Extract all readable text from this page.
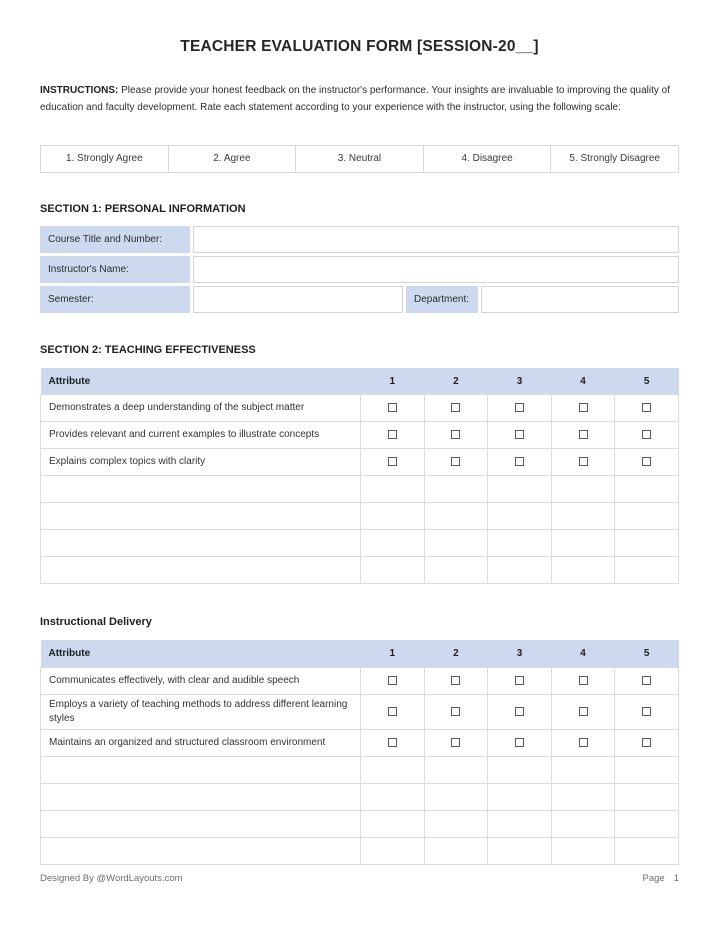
TEACHER EVALUATION FORM [SESSION-20__]

INSTRUCTIONS: Please provide your honest feedback on the instructor's performance. Your insights are invaluable to improving the quality of education and faculty development. Rate each statement according to your experience with the instructor, using the following scale:

1. Strongly Agree	2. Agree	3. Neutral	4. Disagree	5. Strongly Disagree
SECTION 1: PERSONAL INFORMATION
Course Title and Number:			
Instructor's Name:			
Semester:		Department:	
SECTION 2: TEACHING EFFECTIVENESS
Attribute	1	2	3	4	5
Demonstrates a deep understanding of the subject matter					
Provides relevant and current examples to illustrate concepts					
Explains complex topics with clarity					

Instructional Delivery
Attribute	1	2	3	4	5
Communicates effectively, with clear and audible speech					
Employs a variety of teaching methods to address different learning styles					
Maintains an organized and structured classroom environment					

Designed By @WordLayouts.com	Page 1
